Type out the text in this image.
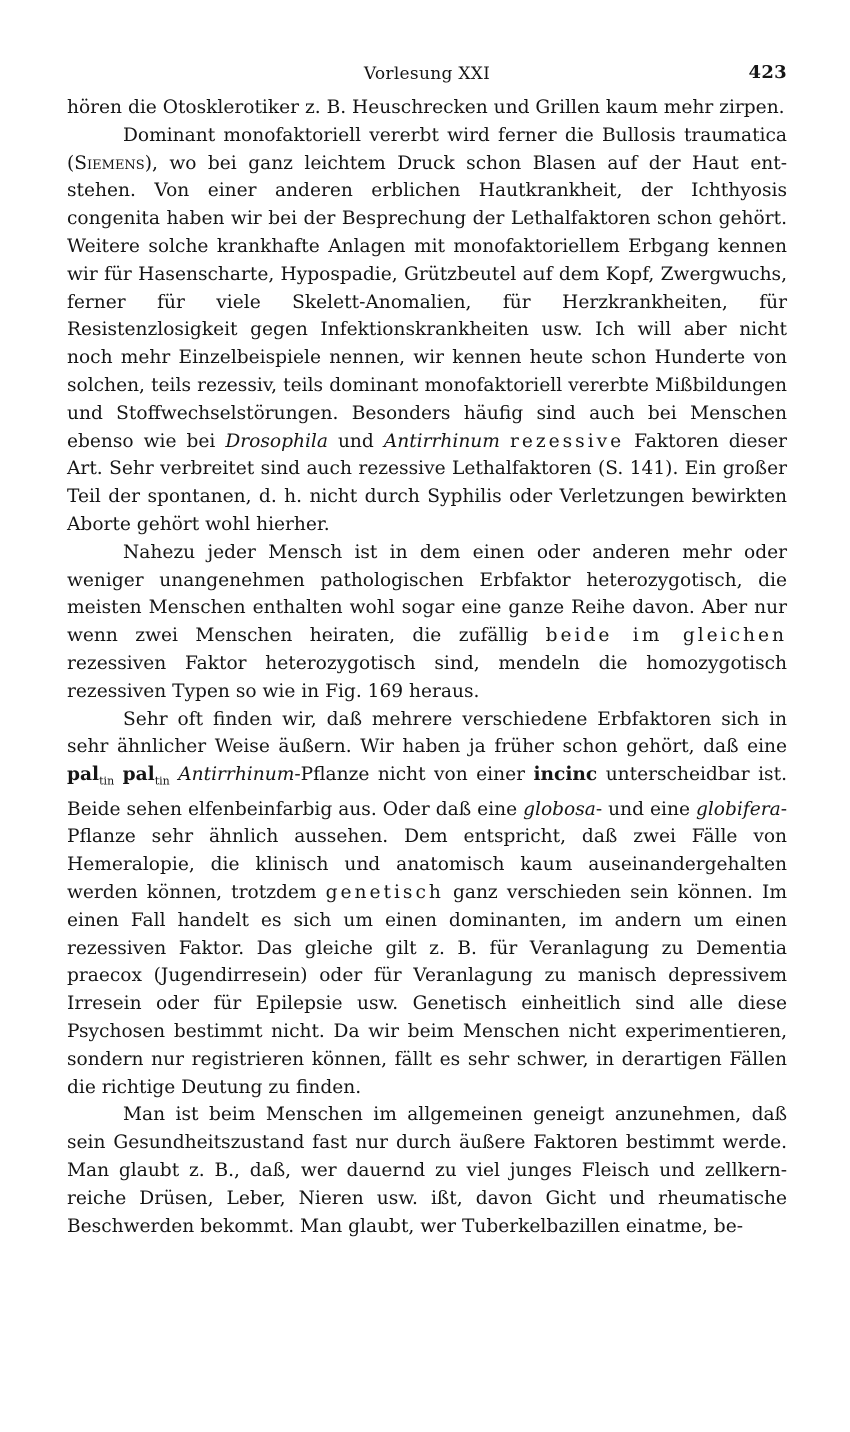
Vorlesung XXI	423

hören die Otosklerotiker z. B. Heuschrecken und Grillen kaum mehr zirpen.

Dominant monofaktoriell vererbt wird ferner die Bullosis traumatica (Siemens), wo bei ganz leichtem Druck schon Blasen auf der Haut entstehen. Von einer anderen erblichen Hautkrankheit, der Ichthyosis congenita haben wir bei der Besprechung der Lethalfaktoren schon gehört. Weitere solche krankhafte Anlagen mit monofaktoriellem Erbgang kennen wir für Hasenscharte, Hypospadie, Grützbeutel auf dem Kopf, Zwergwuchs, ferner für viele Skelett-Anomalien, für Herzkrankheiten, für Resistenzlosigkeit gegen Infektionskrankheiten usw. Ich will aber nicht noch mehr Einzelbeispiele nennen, wir kennen heute schon Hunderte von solchen, teils rezessiv, teils dominant monofaktoriell vererbte Mißbildungen und Stoffwechselstörungen. Besonders häufig sind auch bei Menschen ebenso wie bei Drosophila und Antirrhinum rezessive Faktoren dieser Art. Sehr verbreitet sind auch rezessive Lethalfaktoren (S. 141). Ein großer Teil der spontanen, d. h. nicht durch Syphilis oder Verletzungen bewirkten Aborte gehört wohl hierher.

Nahezu jeder Mensch ist in dem einen oder anderen mehr oder weniger unangenehmen pathologischen Erbfaktor heterozygotisch, die meisten Menschen enthalten wohl sogar eine ganze Reihe davon. Aber nur wenn zwei Menschen heiraten, die zufällig beide im gleichen rezessiven Faktor heterozygotisch sind, mendeln die homozygotisch rezessiven Typen so wie in Fig. 169 heraus.

Sehr oft finden wir, daß mehrere verschiedene Erbfaktoren sich in sehr ähnlicher Weise äußern. Wir haben ja früher schon gehört, daß eine pal$_{tin}$ pal$_{tin}$ Antirrhinum-Pflanze nicht von einer incinc unterscheidbar ist. Beide sehen elfenbeinfarbig aus. Oder daß eine globosa- und eine globifera-Pflanze sehr ähnlich aussehen. Dem entspricht, daß zwei Fälle von Hemeralopie, die klinisch und anatomisch kaum auseinandergehalten werden können, trotzdem genetisch ganz verschieden sein können. Im einen Fall handelt es sich um einen dominanten, im andern um einen rezessiven Faktor. Das gleiche gilt z. B. für Veranlagung zu Dementia praecox (Jugendirresein) oder für Veranlagung zu manisch depressivem Irresein oder für Epilepsie usw. Genetisch einheitlich sind alle diese Psychosen bestimmt nicht. Da wir beim Menschen nicht experimentieren, sondern nur registrieren können, fällt es sehr schwer, in derartigen Fällen die richtige Deutung zu finden.

Man ist beim Menschen im allgemeinen geneigt anzunehmen, daß sein Gesundheitszustand fast nur durch äußere Faktoren bestimmt werde. Man glaubt z. B., daß, wer dauernd zu viel junges Fleisch und zellkernreiche Drüsen, Leber, Nieren usw. ißt, davon Gicht und rheumatische Beschwerden bekommt. Man glaubt, wer Tuberkelbazillen einatme, be-
